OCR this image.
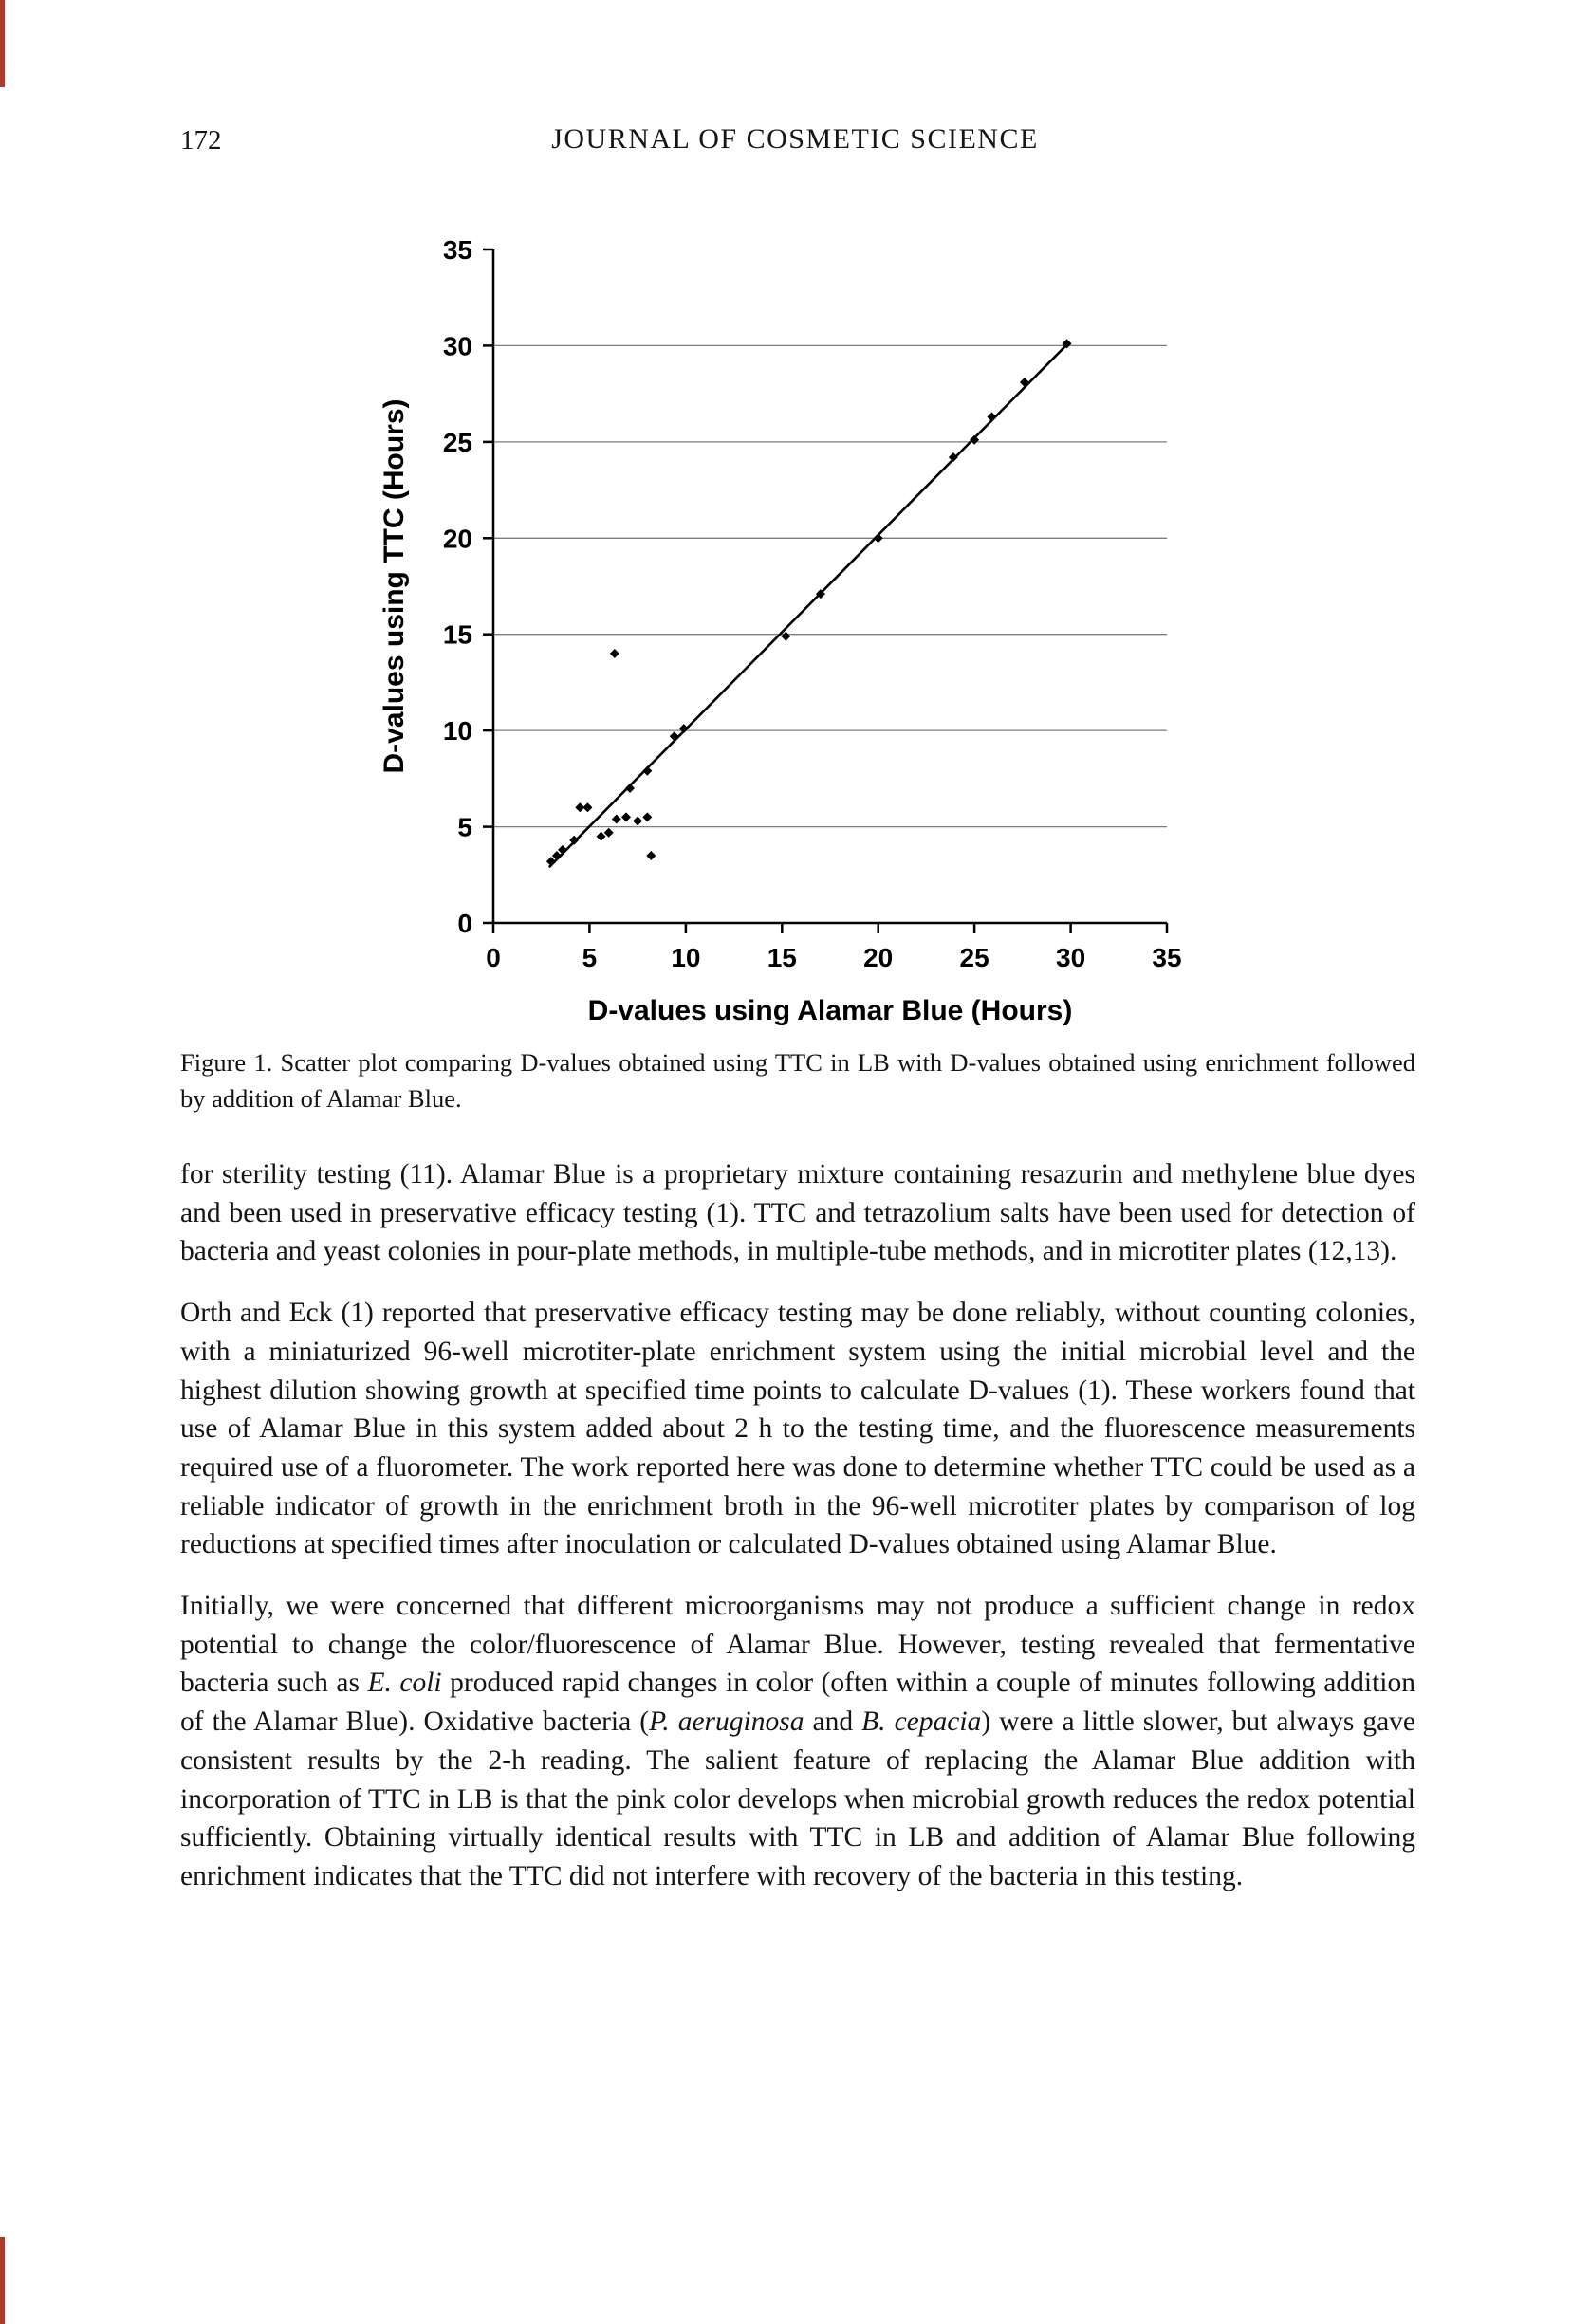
172	JOURNAL OF COSMETIC SCIENCE
0
5
10
15
20
25
30
35
0	5	10	15	20	25	30	35
D-values using Alamar Blue (Hours)
D-values using TTC (Hours)
Figure 1. Scatter plot comparing D-values obtained using TTC in LB with D-values obtained using enrichment followed by addition of Alamar Blue.

for sterility testing (11). Alamar Blue is a proprietary mixture containing resazurin and methylene blue dyes and been used in preservative efficacy testing (1). TTC and tetrazolium salts have been used for detection of bacteria and yeast colonies in pour-plate methods, in multiple-tube methods, and in microtiter plates (12,13).

Orth and Eck (1) reported that preservative efficacy testing may be done reliably, without counting colonies, with a miniaturized 96-well microtiter-plate enrichment system using the initial microbial level and the highest dilution showing growth at specified time points to calculate D-values (1). These workers found that use of Alamar Blue in this system added about 2 h to the testing time, and the fluorescence measurements required use of a fluorometer. The work reported here was done to determine whether TTC could be used as a reliable indicator of growth in the enrichment broth in the 96-well microtiter plates by comparison of log reductions at specified times after inoculation or calculated D-values obtained using Alamar Blue.

Initially, we were concerned that different microorganisms may not produce a sufficient change in redox potential to change the color/fluorescence of Alamar Blue. However, testing revealed that fermentative bacteria such as E. coli produced rapid changes in color (often within a couple of minutes following addition of the Alamar Blue). Oxidative bacteria (P. aeruginosa and B. cepacia) were a little slower, but always gave consistent results by the 2-h reading. The salient feature of replacing the Alamar Blue addition with incorporation of TTC in LB is that the pink color develops when microbial growth reduces the redox potential sufficiently. Obtaining virtually identical results with TTC in LB and addition of Alamar Blue following enrichment indicates that the TTC did not interfere with recovery of the bacteria in this testing.
